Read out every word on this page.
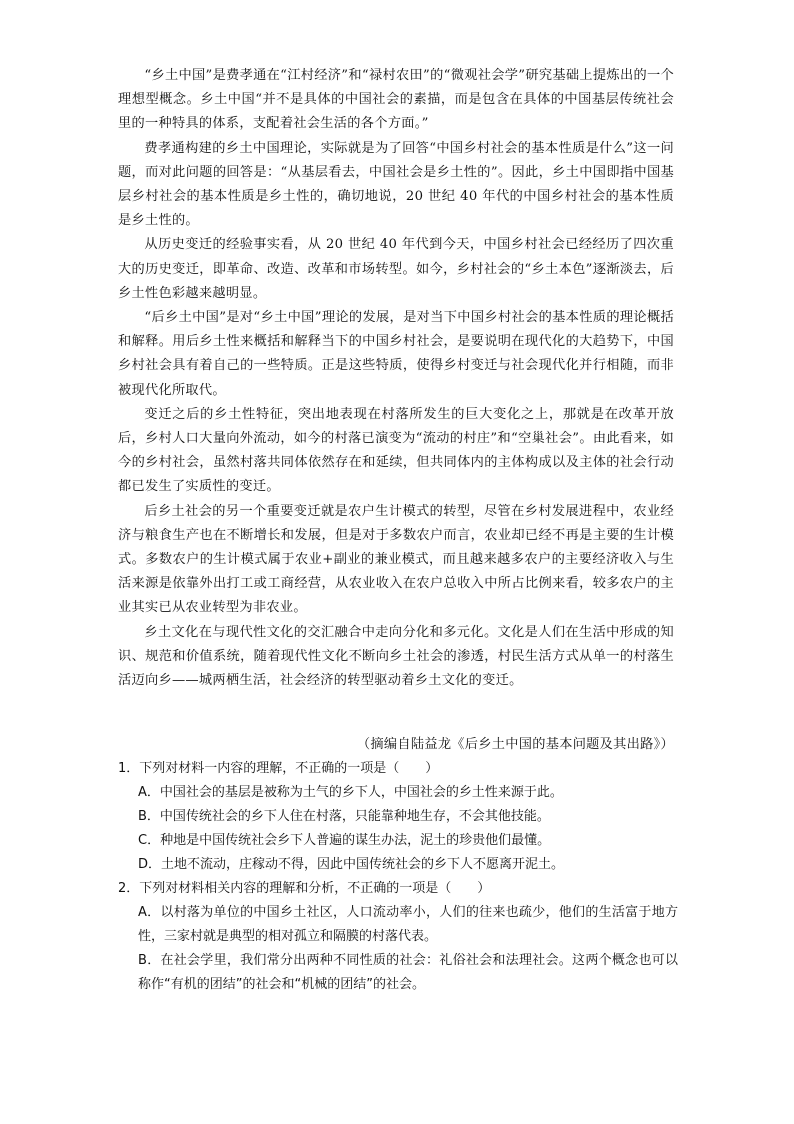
“乡土中国”是费孝通在“江村经济”和“禄村农田”的“微观社会学”研究基础上提炼出的一个理想型概念。乡土中国“并不是具体的中国社会的素描，而是包含在具体的中国基层传统社会里的一种特具的体系，支配着社会生活的各个方面。”

费孝通构建的乡土中国理论，实际就是为了回答“中国乡村社会的基本性质是什么”这一问题，而对此问题的回答是：“从基层看去，中国社会是乡土性的”。因此，乡土中国即指中国基层乡村社会的基本性质是乡土性的，确切地说，20 世纪 40 年代的中国乡村社会的基本性质是乡土性的。

从历史变迁的经验事实看，从 20 世纪 40 年代到今天，中国乡村社会已经经历了四次重大的历史变迁，即革命、改造、改革和市场转型。如今，乡村社会的“乡土本色”逐渐淡去，后乡土性色彩越来越明显。

“后乡土中国”是对“乡土中国”理论的发展，是对当下中国乡村社会的基本性质的理论概括和解释。用后乡土性来概括和解释当下的中国乡村社会，是要说明在现代化的大趋势下，中国乡村社会具有着自己的一些特质。正是这些特质，使得乡村变迁与社会现代化并行相随，而非被现代化所取代。

变迁之后的乡土性特征，突出地表现在村落所发生的巨大变化之上，那就是在改革开放后，乡村人口大量向外流动，如今的村落已演变为“流动的村庄”和“空巢社会”。由此看来，如今的乡村社会，虽然村落共同体依然存在和延续，但共同体内的主体构成以及主体的社会行动都已发生了实质性的变迁。

后乡土社会的另一个重要变迁就是农户生计模式的转型，尽管在乡村发展进程中，农业经济与粮食生产也在不断增长和发展，但是对于多数农户而言，农业却已经不再是主要的生计模式。多数农户的生计模式属于农业+副业的兼业模式，而且越来越多农户的主要经济收入与生活来源是依靠外出打工或工商经营，从农业收入在农户总收入中所占比例来看，较多农户的主业其实已从农业转型为非农业。

乡土文化在与现代性文化的交汇融合中走向分化和多元化。文化是人们在生活中形成的知识、规范和价值系统，随着现代性文化不断向乡土社会的渗透，村民生活方式从单一的村落生活迈向乡——城两栖生活，社会经济的转型驱动着乡土文化的变迁。

（摘编自陆益龙《后乡土中国的基本问题及其出路》）

1．下列对材料一内容的理解，不正确的一项是（　　）

A．中国社会的基层是被称为土气的乡下人，中国社会的乡土性来源于此。

B．中国传统社会的乡下人住在村落，只能靠种地生存，不会其他技能。

C．种地是中国传统社会乡下人普遍的谋生办法，泥土的珍贵他们最懂。

D．土地不流动，庄稼动不得，因此中国传统社会的乡下人不愿离开泥土。

2．下列对材料相关内容的理解和分析，不正确的一项是（　　）

A．以村落为单位的中国乡土社区，人口流动率小，人们的往来也疏少，他们的生活富于地方性，三家村就是典型的相对孤立和隔膜的村落代表。

B．在社会学里，我们常分出两种不同性质的社会：礼俗社会和法理社会。这两个概念也可以称作“有机的团结”的社会和“机械的团结”的社会。
